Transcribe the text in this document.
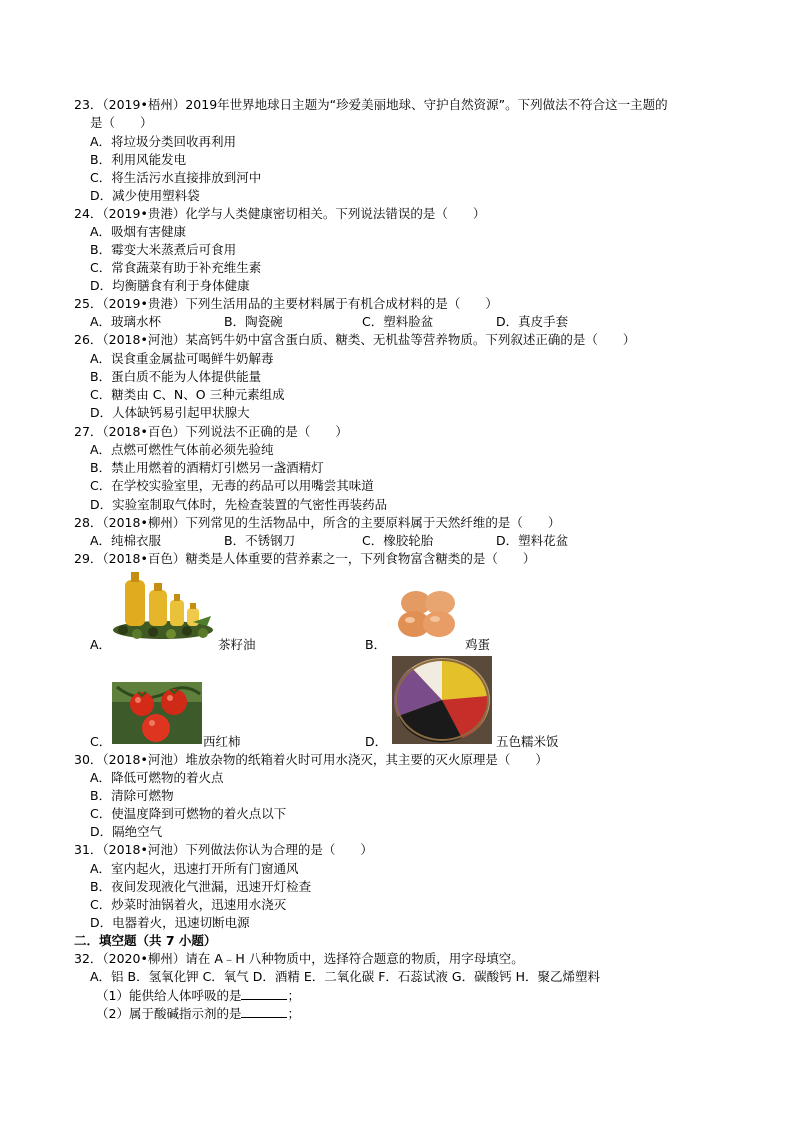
23．（2019•梧州）2019年世界地球日主题为“珍爱美丽地球、守护自然资源”。下列做法不符合这一主题的
是（　　）
A．将垃圾分类回收再利用
B．利用风能发电
C．将生活污水直接排放到河中
D．减少使用塑料袋
24．（2019•贵港）化学与人类健康密切相关。下列说法错误的是（　　）
A．吸烟有害健康
B．霉变大米蒸煮后可食用
C．常食蔬菜有助于补充维生素
D．均衡膳食有利于身体健康
25．（2019•贵港）下列生活用品的主要材料属于有机合成材料的是（　　）
A．玻璃水杯	B．陶瓷碗	C．塑料脸盆	D．真皮手套
26．（2018•河池）某高钙牛奶中富含蛋白质、糖类、无机盐等营养物质。下列叙述正确的是（　　）
A．误食重金属盐可喝鲜牛奶解毒
B．蛋白质不能为人体提供能量
C．糖类由 C、N、O 三种元素组成
D．人体缺钙易引起甲状腺大
27．（2018•百色）下列说法不正确的是（　　）
A．点燃可燃性气体前必须先验纯
B．禁止用燃着的酒精灯引燃另一盏酒精灯
C．在学校实验室里，无毒的药品可以用嘴尝其味道
D．实验室制取气体时，先检查装置的气密性再装药品
28．（2018•柳州）下列常见的生活物品中，所含的主要原料属于天然纤维的是（　　）
A．纯棉衣服	B．不锈钢刀	C．橡胶轮胎	D．塑料花盆
29．（2018•百色）糖类是人体重要的营养素之一，下列食物富含糖类的是（　　）
A．	茶籽油	B．	鸡蛋
C．	西红柿	D．	五色糯米饭
30．（2018•河池）堆放杂物的纸箱着火时可用水浇灭，其主要的灭火原理是（　　）
A．降低可燃物的着火点
B．清除可燃物
C．使温度降到可燃物的着火点以下
D．隔绝空气
31．（2018•河池）下列做法你认为合理的是（　　）
A．室内起火，迅速打开所有门窗通风
B．夜间发现液化气泄漏，迅速开灯检查
C．炒菜时油锅着火，迅速用水浇灭
D．电器着火，迅速切断电源
二．填空题（共 7 小题）
32．（2020•柳州）请在 A﹣H 八种物质中，选择符合题意的物质，用字母填空。
A．铝 B．氢氧化钾 C．氧气 D．酒精 E．二氧化碳 F．石蕊试液 G．碳酸钙 H．聚乙烯塑料
（1）能供给人体呼吸的是	；
（2）属于酸碱指示剂的是	；
